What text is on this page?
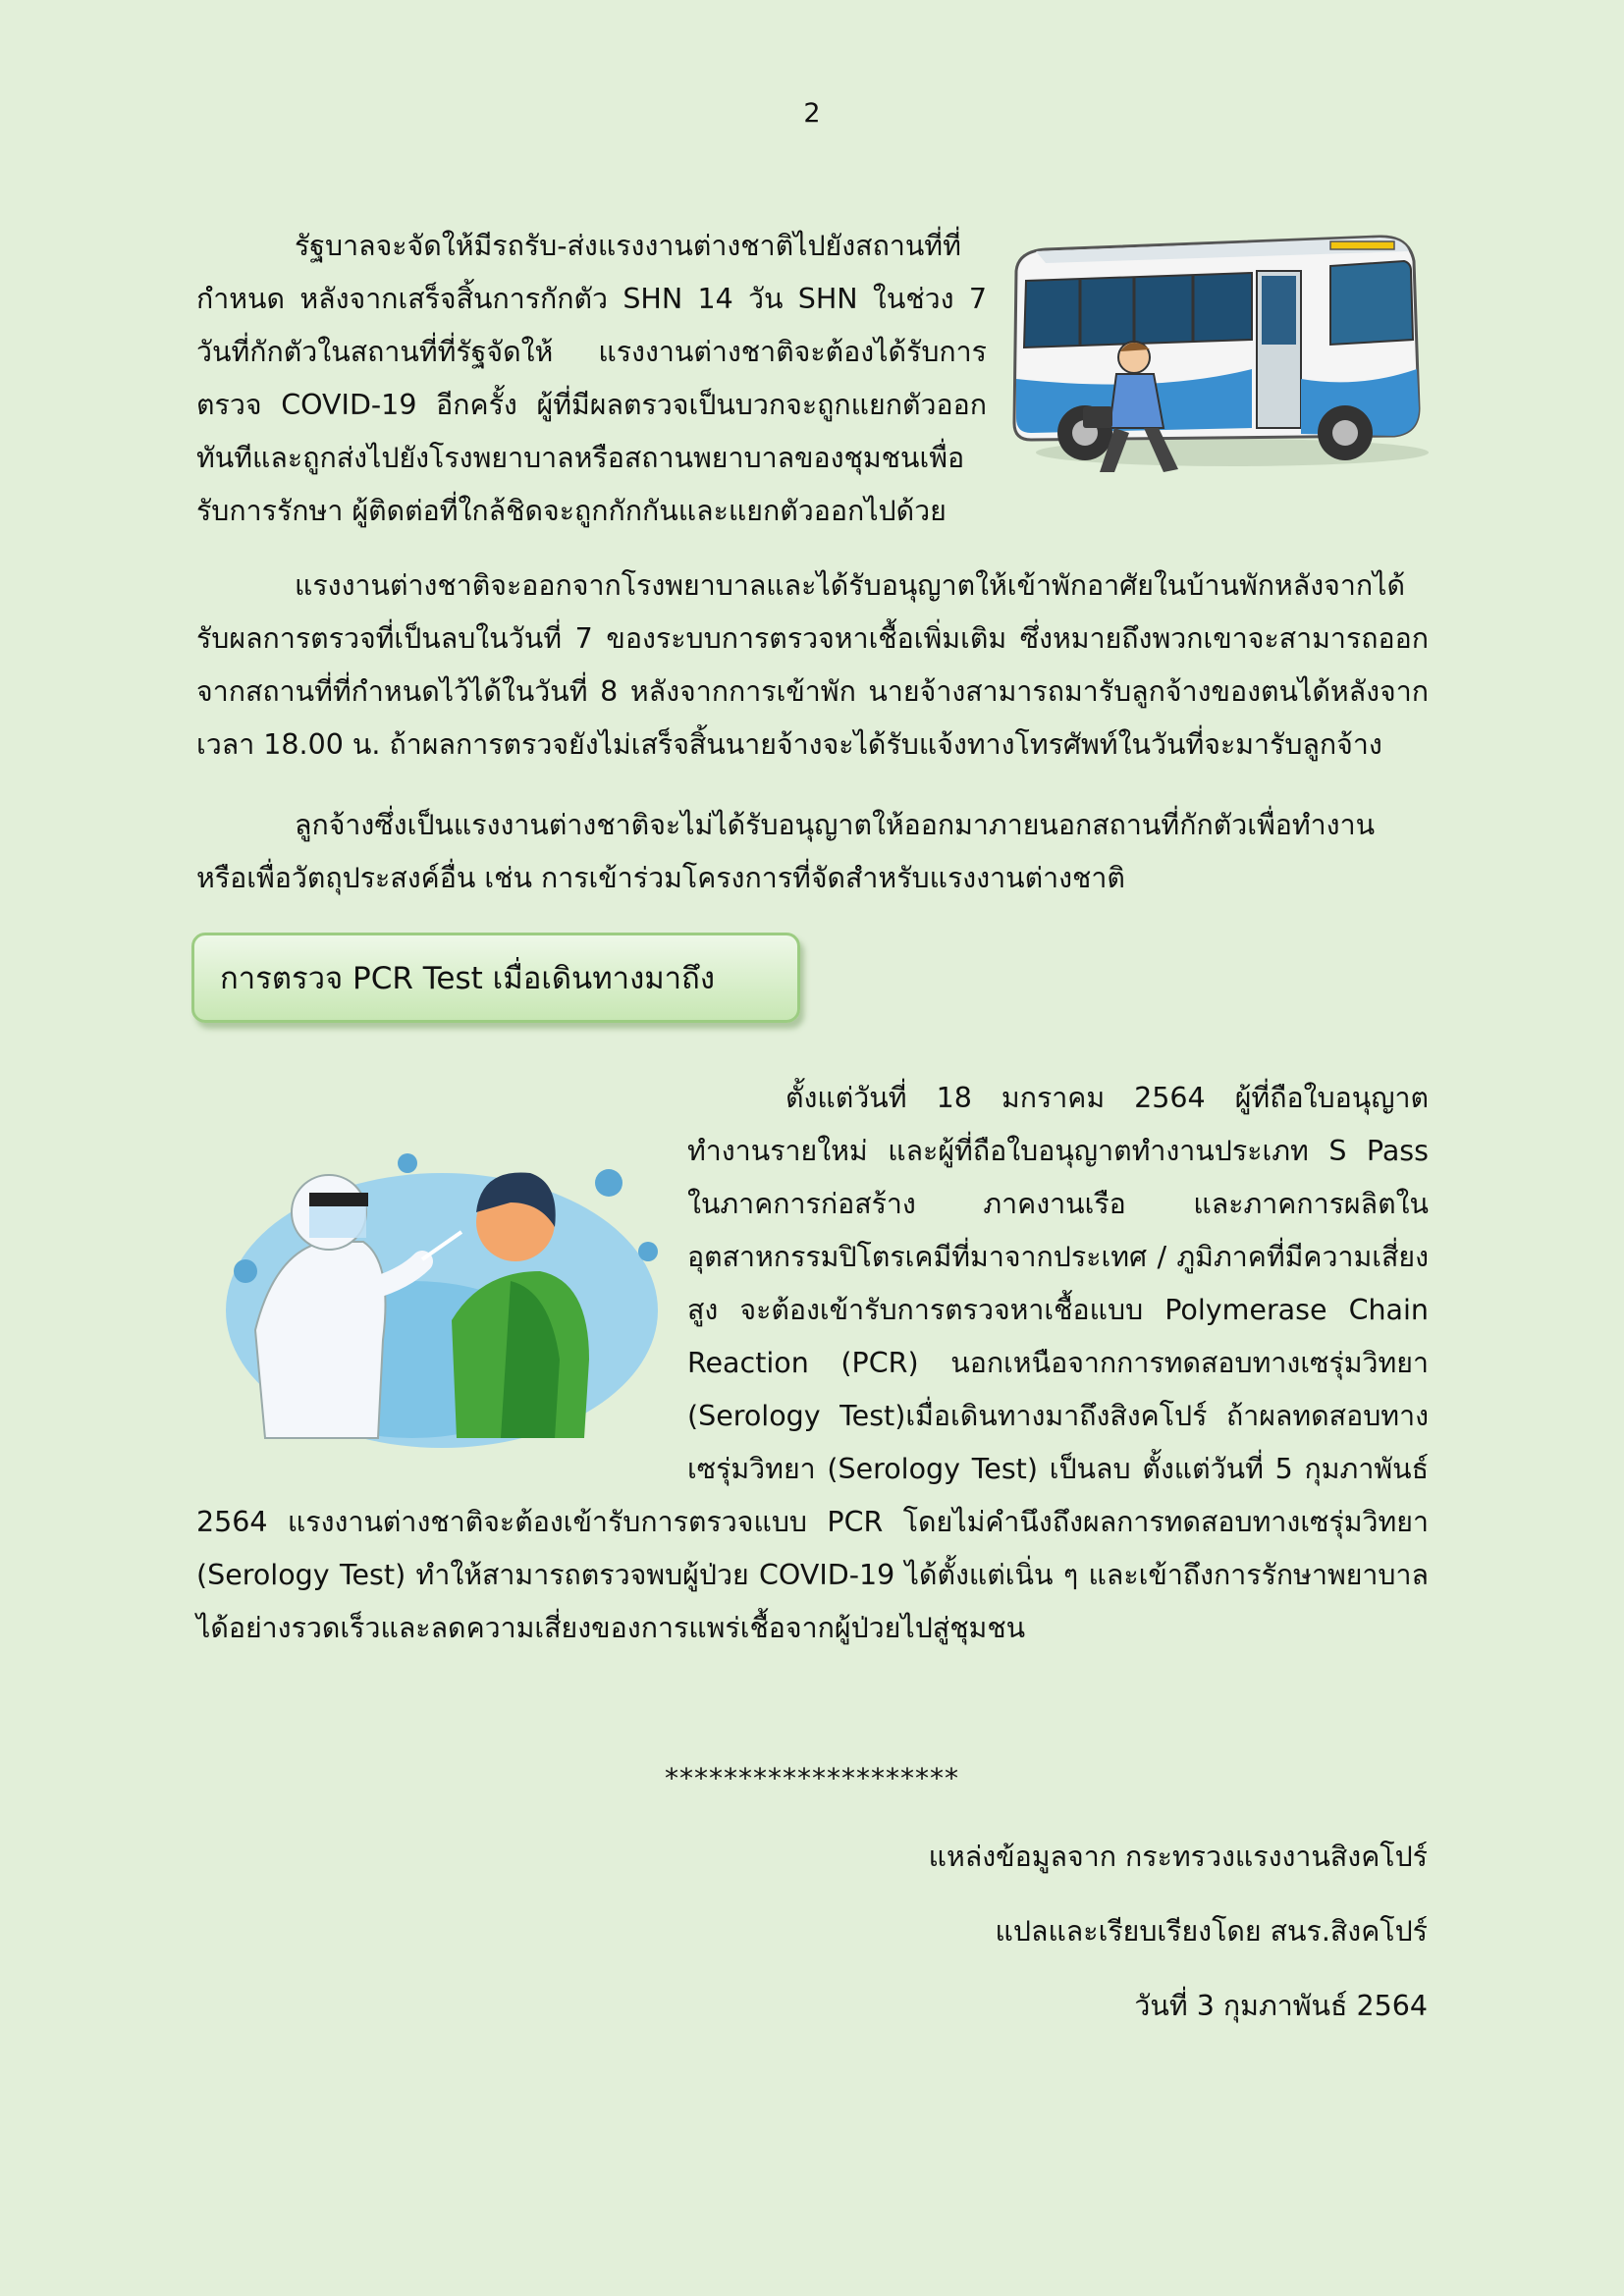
2

รัฐบาลจะจัดให้มีรถรับ-ส่งแรงงานต่างชาติไปยังสถานที่ที่กำหนด หลังจากเสร็จสิ้นการกักตัว SHN 14 วัน SHN ในช่วง 7 วันที่กักตัวในสถานที่ที่รัฐจัดให้ แรงงานต่างชาติจะต้องได้รับการตรวจ COVID-19 อีกครั้ง ผู้ที่มีผลตรวจเป็นบวกจะถูกแยกตัวออกทันทีและถูกส่งไปยังโรงพยาบาลหรือสถานพยาบาลของชุมชนเพื่อรับการรักษา ผู้ติดต่อที่ใกล้ชิดจะถูกกักกันและแยกตัวออกไปด้วย

แรงงานต่างชาติจะออกจากโรงพยาบาลและได้รับอนุญาตให้เข้าพักอาศัยในบ้านพักหลังจากได้รับผลการตรวจที่เป็นลบในวันที่ 7 ของระบบการตรวจหาเชื้อเพิ่มเติม ซึ่งหมายถึงพวกเขาจะสามารถออกจากสถานที่ที่กำหนดไว้ได้ในวันที่ 8 หลังจากการเข้าพัก นายจ้างสามารถมารับลูกจ้างของตนได้หลังจากเวลา 18.00 น. ถ้าผลการตรวจยังไม่เสร็จสิ้นนายจ้างจะได้รับแจ้งทางโทรศัพท์ในวันที่จะมารับลูกจ้าง

ลูกจ้างซึ่งเป็นแรงงานต่างชาติจะไม่ได้รับอนุญาตให้ออกมาภายนอกสถานที่กักตัวเพื่อทำงาน หรือเพื่อวัตถุประสงค์อื่น เช่น การเข้าร่วมโครงการที่จัดสำหรับแรงงานต่างชาติ

การตรวจ PCR Test เมื่อเดินทางมาถึง

ตั้งแต่วันที่ 18 มกราคม 2564 ผู้ที่ถือใบอนุญาตทำงานรายใหม่ และผู้ที่ถือใบอนุญาตทำงานประเภท S Pass ในภาคการก่อสร้าง ภาคงานเรือ และภาคการผลิตในอุตสาหกรรมปิโตรเคมีที่มาจากประเทศ / ภูมิภาคที่มีความเสี่ยงสูง จะต้องเข้ารับการตรวจหาเชื้อแบบ Polymerase Chain Reaction (PCR) นอกเหนือจากการทดสอบทางเซรุ่มวิทยา (Serology Test)เมื่อเดินทางมาถึงสิงคโปร์ ถ้าผลทดสอบทางเซรุ่มวิทยา (Serology Test) เป็นลบ ตั้งแต่วันที่ 5 กุมภาพันธ์ 2564 แรงงานต่างชาติจะต้องเข้ารับการตรวจแบบ PCR โดยไม่คำนึงถึงผลการทดสอบทางเซรุ่มวิทยา (Serology Test) ทำให้สามารถตรวจพบผู้ป่วย COVID-19 ได้ตั้งแต่เนิ่น ๆ และเข้าถึงการรักษาพยาบาลได้อย่างรวดเร็วและลดความเสี่ยงของการแพร่เชื้อจากผู้ป่วยไปสู่ชุมชน

********************
แหล่งข้อมูลจาก กระทรวงแรงงานสิงคโปร์
แปลและเรียบเรียงโดย สนร.สิงคโปร์
วันที่ 3 กุมภาพันธ์ 2564
